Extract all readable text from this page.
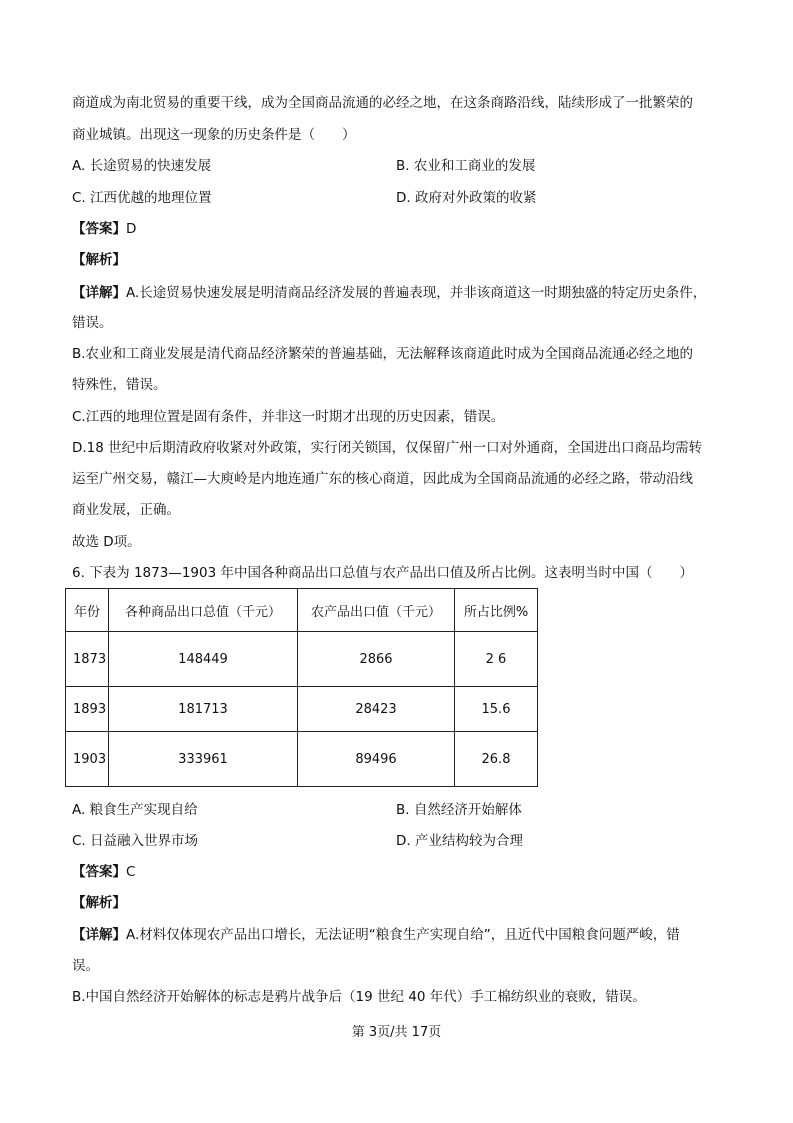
商道成为南北贸易的重要干线，成为全国商品流通的必经之地，在这条商路沿线，陆续形成了一批繁荣的
商业城镇。出现这一现象的历史条件是（　　）
A. 长途贸易的快速发展	B. 农业和工商业的发展
C. 江西优越的地理位置	D. 政府对外政策的收紧
【答案】D
【解析】
【详解】A.长途贸易快速发展是明清商品经济发展的普遍表现，并非该商道这一时期独盛的特定历史条件，
错误。
B.农业和工商业发展是清代商品经济繁荣的普遍基础，无法解释该商道此时成为全国商品流通必经之地的
特殊性，错误。
C.江西的地理位置是固有条件，并非这一时期才出现的历史因素，错误。
D.18 世纪中后期清政府收紧对外政策，实行闭关锁国，仅保留广州一口对外通商，全国进出口商品均需转
运至广州交易，赣江—大庾岭是内地连通广东的核心商道，因此成为全国商品流通的必经之路，带动沿线
商业发展，正确。
故选 D项。
6. 下表为 1873—1903 年中国各种商品出口总值与农产品出口值及所占比例。这表明当时中国（　　）
年份	各种商品出口总值（千元）	农产品出口值（千元）	所占比例%
1873	148449	2866	2 6
1893	181713	28423	15.6
1903	333961	89496	26.8
A. 粮食生产实现自给	B. 自然经济开始解体
C. 日益融入世界市场	D. 产业结构较为合理
【答案】C
【解析】
【详解】A.材料仅体现农产品出口增长，无法证明“粮食生产实现自给”，且近代中国粮食问题严峻，错
误。
B.中国自然经济开始解体的标志是鸦片战争后（19 世纪 40 年代）手工棉纺织业的衰败，错误。
第 3页/共 17页
